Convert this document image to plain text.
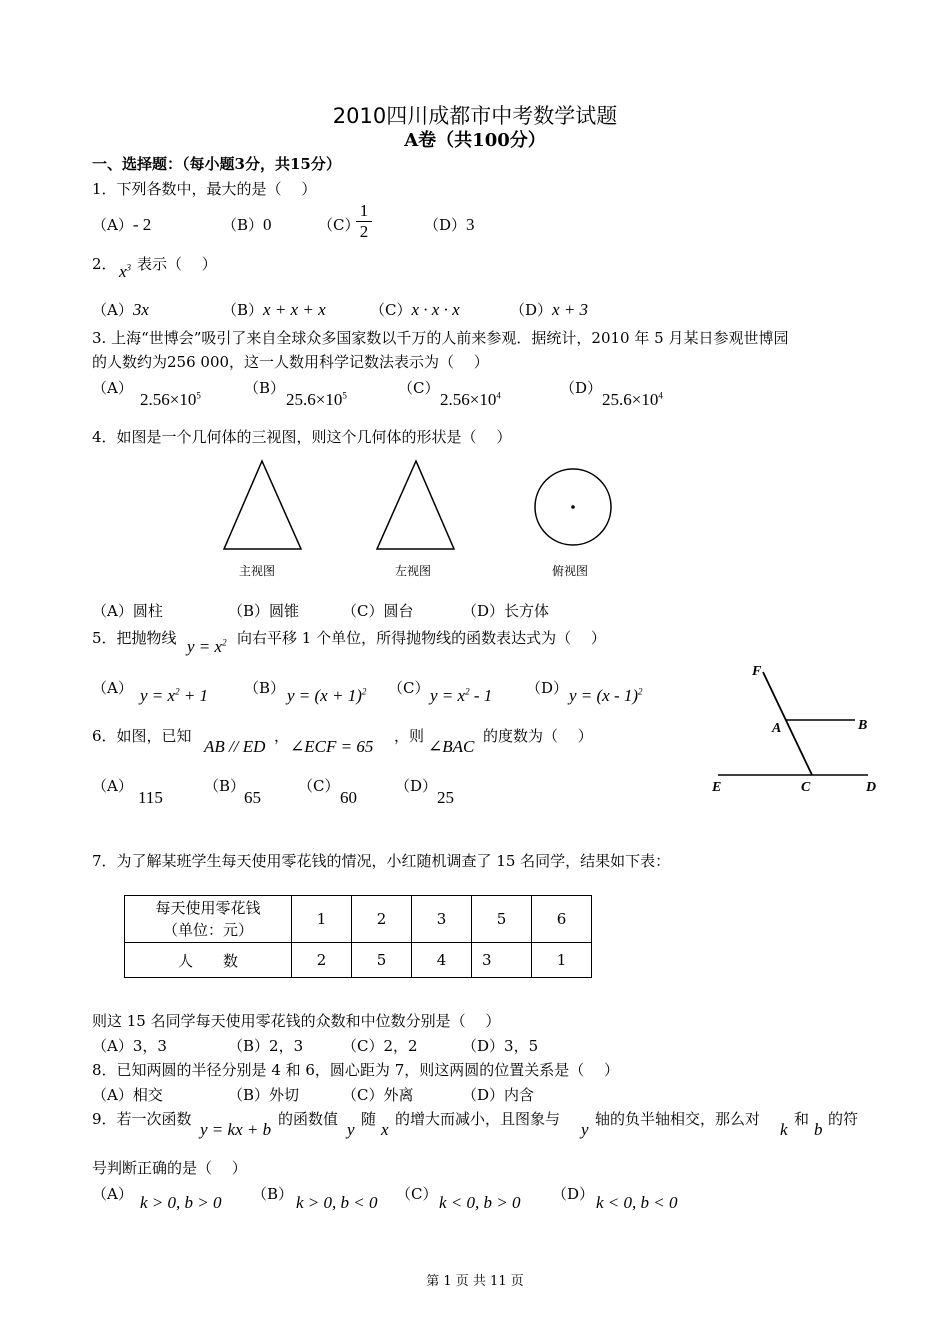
2010四川成都市中考数学试题
A卷（共100分）
一、选择题：（每小题3分，共15分）
1．下列各数中，最大的是（　 ）
（A）- 2	（B）0	（C）
1
2	（D）3
2． $x^3$ 表示（　 ）
（A）3x	（B）x + x + x	（C）x · x · x	（D）x + 3
3. 上海“世博会”吸引了来自全球众多国家数以千万的人前来参观．据统计，2010 年 5 月某日参观世博园
的人数约为256 000，这一人数用科学记数法表示为（　 ）
（A）
$2.56\times 10^5$	（B）
$25.6\times 10^5$	（C）
$2.56\times 10^4$	（D）
$25.6\times 10^4$
4．如图是一个几何体的三视图，则这个几何体的形状是（　 ）
主视图	左视图	俯视图
（A）圆柱	（B）圆锥	（C）圆台	（D）长方体
5．把抛物线 $y = x^2$ 向右平移 1 个单位，所得抛物线的函数表达式为（　 ）
（A） $y = x^2 + 1$ （B） $y = (x + 1)^2$ （C） $y = x^2 - 1$ （D） y = (x - 1)$^2$
6．如图，已知
AB // ED
，
∠ECF = 65
，则
∠BAC
的度数为（　 ）
（A）
115
（B）
65
（C）
60
（D）
25
F
A	B
E	C	D
7．为了解某班学生每天使用零花钱的情况，小红随机调查了 15 名同学，结果如下表：
每天使用零花钱
（单位：元）	1	2	3	5	6
人　　数	2	5	4	3	1
则这 15 名同学每天使用零花钱的众数和中位数分别是（　 ）
（A）3，3	（B）2，3	（C）2，2	（D）3，5
8．已知两圆的半径分别是 4 和 6，圆心距为 7，则这两圆的位置关系是（　 ）
（A）相交	（B）外切	（C）外离	（D）内含
9．若一次函数
y = kx + b
的函数值
y
随
x
的增大而减小，且图象与
y
轴的负半轴相交，那么对
k
和
b
的符
号判断正确的是（　 ）
（A） k > 0, b > 0 （B） k > 0, b < 0 （C） k < 0, b > 0 （D） k < 0, b < 0
第 1 页 共 11 页
